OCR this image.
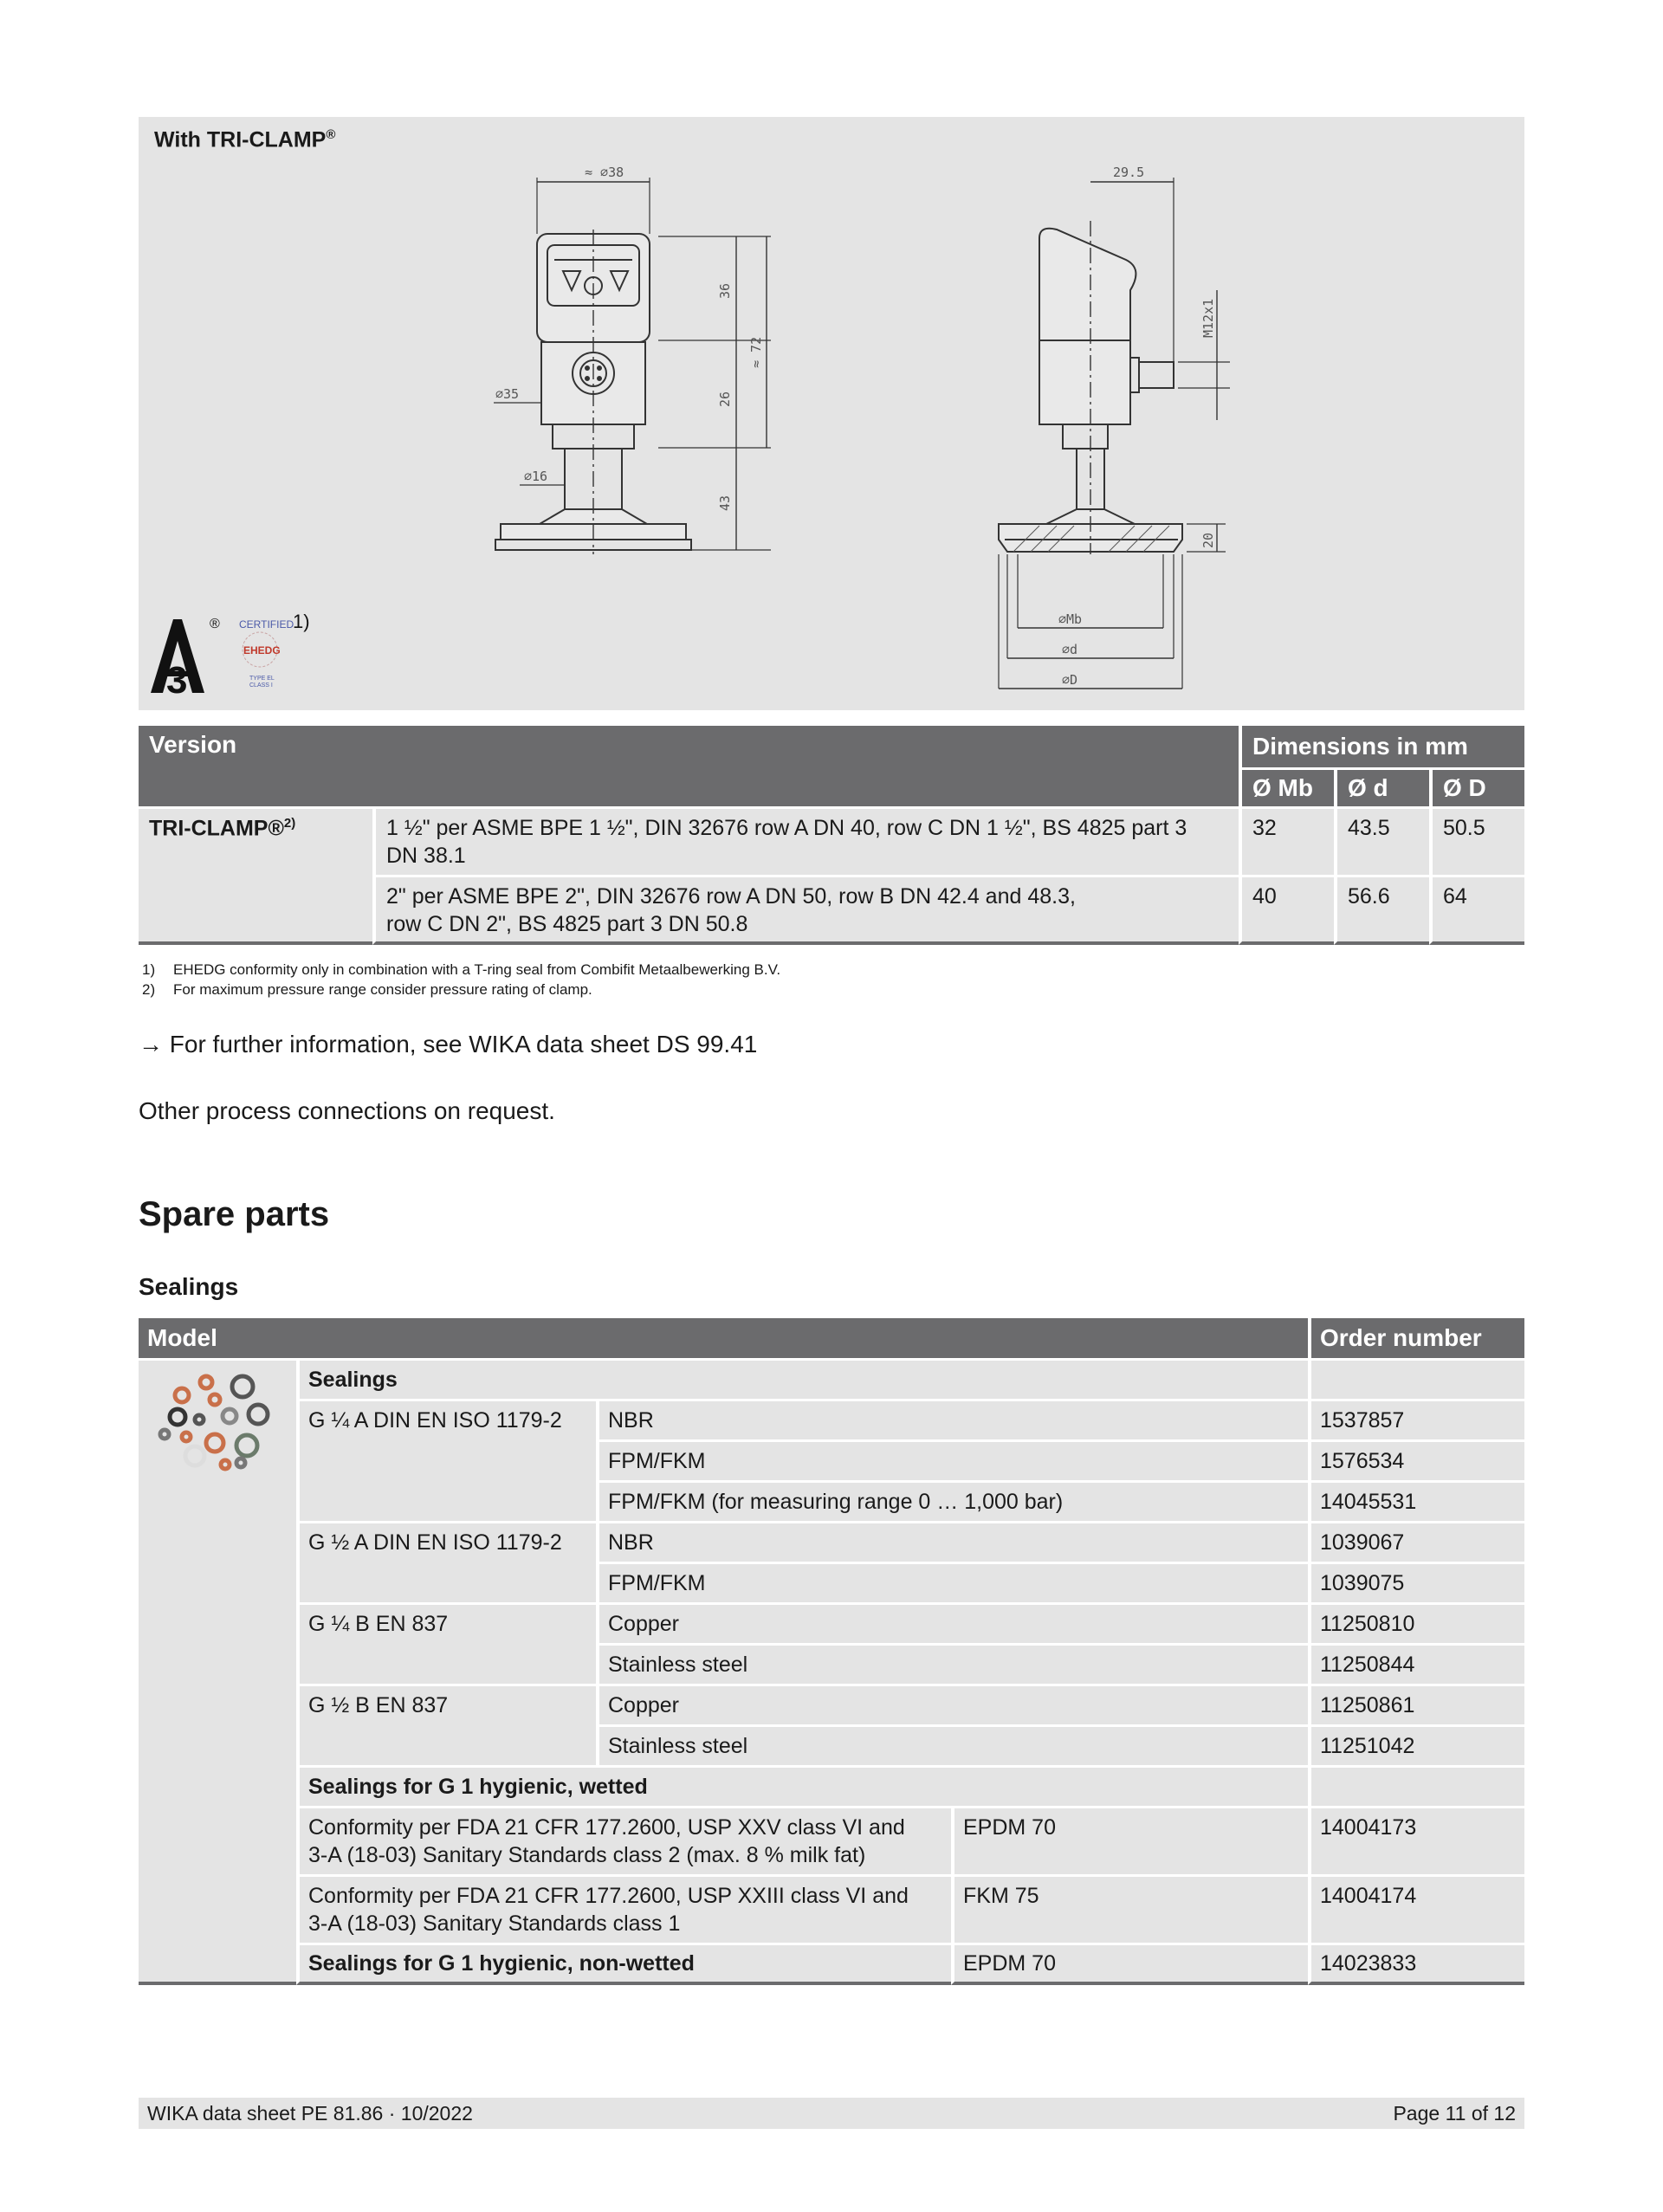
≈ ⌀38
36
≈ 72
26
43
⌀35
⌀16
29.5
M12x1
20
⌀Mb
⌀d
⌀D
3
® CERTIFIED
EHEDG
TYPE EL
CLASS I
1)
With TRI-CLAMP®
Version		Dimensions in mm		
		Ø Mb	Ø d	Ø D
TRI-CLAMP®$^{2)}$	1 ½" per ASME BPE 1 ½", DIN 32676 row A DN 40, row C DN 1 ½", BS 4825 part 3
DN 38.1	32	43.5	50.5

	2" per ASME BPE 2", DIN 32676 row A DN 50, row B DN 42.4 and 48.3,
row C DN 2", BS 4825 part 3 DN 50.8	40	56.6	64
1) EHEDG conformity only in combination with a T-ring seal from Combifit Metaalbewerking B.V.
2) For maximum pressure range consider pressure rating of clamp.
→ For further information, see WIKA data sheet DS 99.41
Other process connections on request.
Spare parts
Sealings
Model				Order number
	Sealings			
	G ¼ A DIN EN ISO 1179-2	NBR		1537857
		FPM/FKM		1576534
		FPM/FKM (for measuring range 0 … 1,000 bar)		14045531
	G ½ A DIN EN ISO 1179-2	NBR		1039067
		FPM/FKM		1039075
	G ¼ B EN 837	Copper		11250810
		Stainless steel		11250844
	G ½ B EN 837	Copper		11250861
		Stainless steel		11251042
	Sealings for G 1 hygienic, wetted			

	Conformity per FDA 21 CFR 177.2600, USP XXV class VI and
3-A (18-03) Sanitary Standards class 2 (max. 8 % milk fat)		EPDM 70	14004173

	Conformity per FDA 21 CFR 177.2600, USP XXIII class VI and
3-A (18-03) Sanitary Standards class 1		FKM 75	14004174
	Sealings for G 1 hygienic, non-wetted		EPDM 70	14023833
WIKA data sheet PE 81.86 · 10/2022	Page 11 of 12
